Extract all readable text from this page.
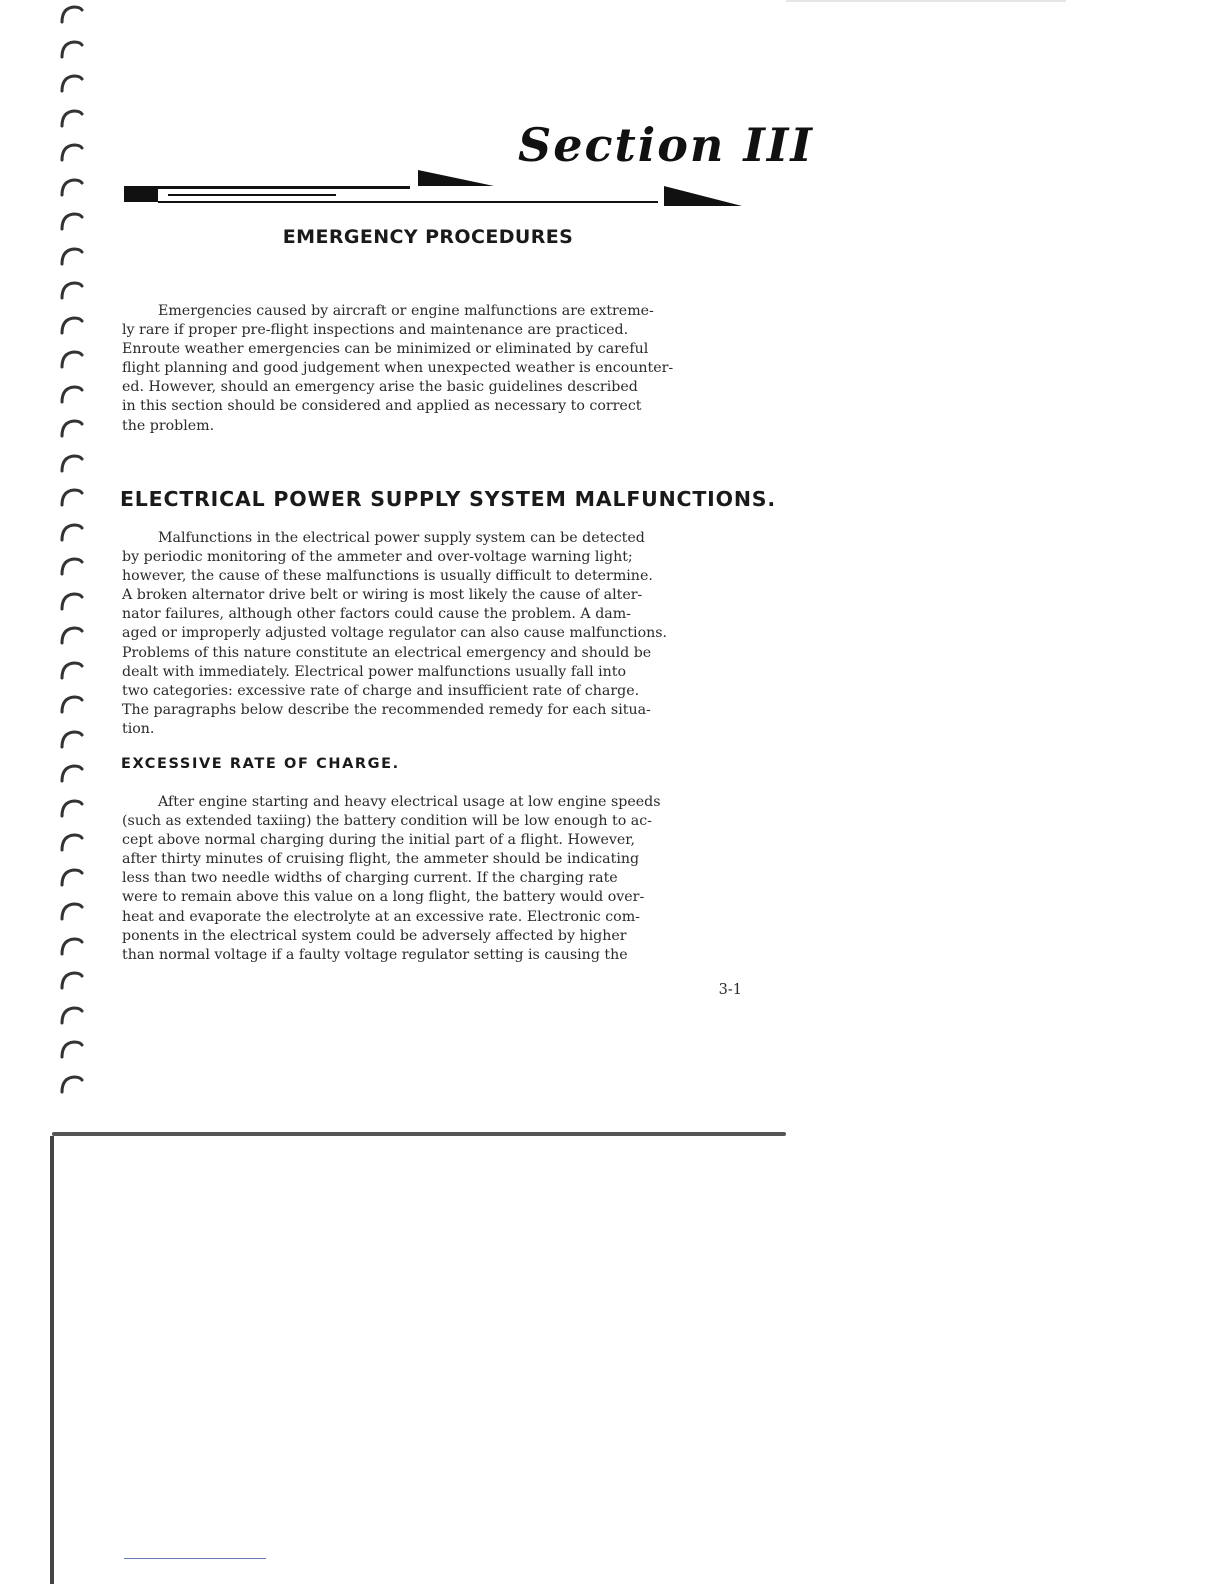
Section III
EMERGENCY PROCEDURES

Emergencies caused by aircraft or engine malfunctions are extreme-
ly rare if proper pre-flight inspections and maintenance are practiced.
Enroute weather emergencies can be minimized or eliminated by careful
flight planning and good judgement when unexpected weather is encounter-
ed. However, should an emergency arise the basic guidelines described
in this section should be considered and applied as necessary to correct
the problem.

ELECTRICAL POWER SUPPLY SYSTEM MALFUNCTIONS.

Malfunctions in the electrical power supply system can be detected
by periodic monitoring of the ammeter and over-voltage warning light;
however, the cause of these malfunctions is usually difficult to determine.
A broken alternator drive belt or wiring is most likely the cause of alter-
nator failures, although other factors could cause the problem. A dam-
aged or improperly adjusted voltage regulator can also cause malfunctions.
Problems of this nature constitute an electrical emergency and should be
dealt with immediately. Electrical power malfunctions usually fall into
two categories: excessive rate of charge and insufficient rate of charge.
The paragraphs below describe the recommended remedy for each situa-
tion.

EXCESSIVE RATE OF CHARGE.

After engine starting and heavy electrical usage at low engine speeds
(such as extended taxiing) the battery condition will be low enough to ac-
cept above normal charging during the initial part of a flight. However,
after thirty minutes of cruising flight, the ammeter should be indicating
less than two needle widths of charging current. If the charging rate
were to remain above this value on a long flight, the battery would over-
heat and evaporate the electrolyte at an excessive rate. Electronic com-
ponents in the electrical system could be adversely affected by higher
than normal voltage if a faulty voltage regulator setting is causing the

3-1
